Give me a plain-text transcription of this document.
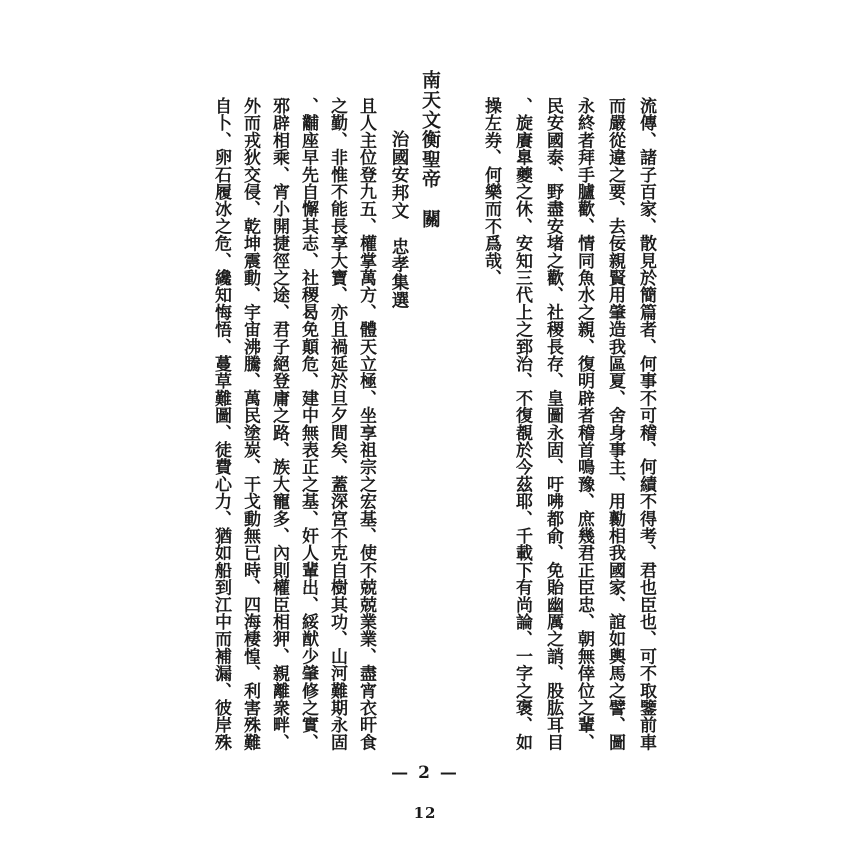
流傳、諸子百家、散見於簡篇者、何事不可稽、何績不得考、君也臣也、可不取鑒前車
而嚴從違之要、去佞親賢用肇造我區夏、舍身事主、用勷相我國家、誼如輿馬之譬、圖
永終者拜手臚歡、情同魚水之親、復明辟者稽首鳴豫、庶幾君正臣忠、朝無倖位之輩、
民安國泰、野盡安堵之歡、社稷長存、皇圖永固、吁咈都俞、免貽幽厲之誚、股肱耳目
、旋賡臯夔之休、安知三代上之郅治、不復覩於今茲耶、千載下有尚論、一字之褒、如
操左券、何樂而不爲哉、
南天文衡聖帝　關
治國安邦文　忠孝集選
且人主位登九五、權掌萬方、體天立極、坐享祖宗之宏基、使不兢兢業業、盡宵衣旰食
之勤、非惟不能長享大寶、亦且禍延於旦夕間矣、蓋深宮不克自樹其功、山河難期永固
、黼座早先自懈其志、社稷曷免顛危、建中無表正之基、奸人輩出、綏猷少肇修之實、
邪辟相乘、宵小開捷徑之途、君子絕登庸之路、族大寵多、內則權臣相狎、親離衆畔、
外而戎狄交侵、乾坤震動、宇宙沸騰、萬民塗炭、干戈動無已時、四海棲惶、利害殊難
自卜、卵石履冰之危、纔知悔悟、蔓草難圖、徒費心力、猶如船到江中而補漏、彼岸殊
— 2 —
12
